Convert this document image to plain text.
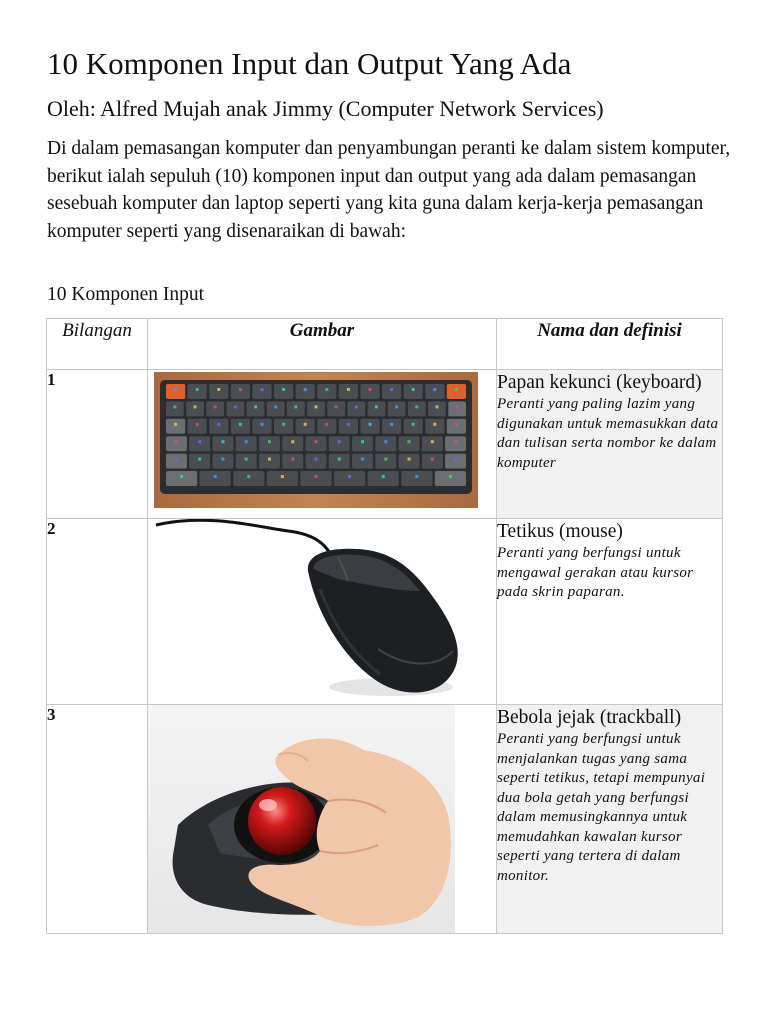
10 Komponen Input dan Output Yang Ada

Oleh: Alfred Mujah anak Jimmy (Computer Network Services)

Di dalam pemasangan komputer dan penyambungan peranti ke dalam sistem komputer, berikut ialah sepuluh (10) komponen input dan output yang ada dalam pemasangan sesebuah komputer dan laptop seperti yang kita guna dalam kerja-kerja pemasangan komputer seperti yang disenaraikan di bawah:

10 Komponen Input

Bilangan	Gambar	Nama dan definisi
1		Papan kekunci (keyboard)
Peranti yang paling lazim yang digunakan untuk memasukkan data dan tulisan serta nombor ke dalam komputer

2		Tetikus (mouse)
Peranti yang berfungsi untuk mengawal gerakan atau kursor pada skrin paparan.

3		Bebola jejak (trackball)
Peranti yang berfungsi untuk menjalankan tugas yang sama seperti tetikus, tetapi mempunyai dua bola getah yang berfungsi dalam memusingkannya untuk memudahkan kawalan kursor seperti yang tertera di dalam monitor.
